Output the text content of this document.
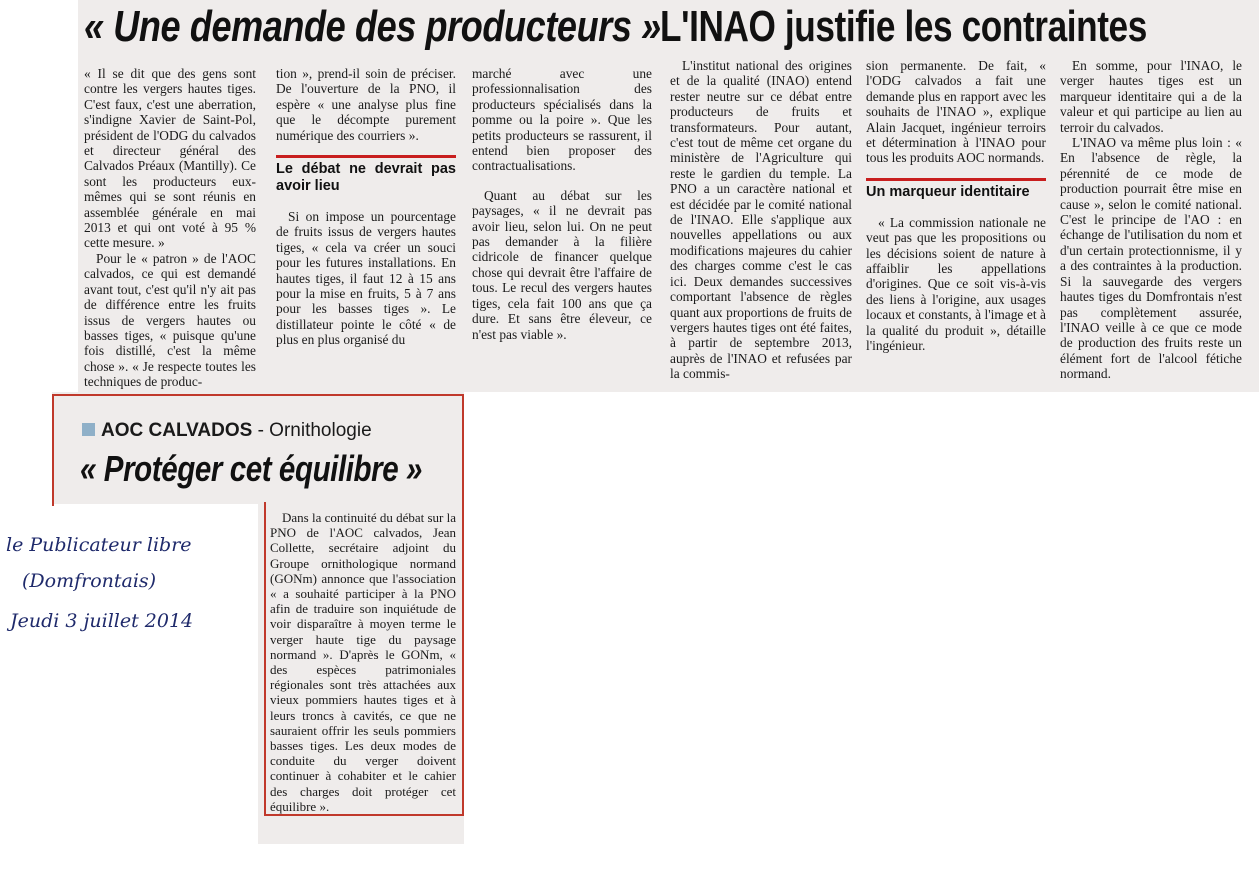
« Une demande des producteurs » L'INAO justifie les contraintes

« Il se dit que des gens sont contre les vergers hautes tiges. C'est faux, c'est une aberration, s'indigne Xavier de Saint-Pol, président de l'ODG du calvados et directeur général des Calvados Préaux (Mantilly). Ce sont les producteurs eux-mêmes qui se sont réunis en assemblée générale en mai 2013 et qui ont voté à 95 % cette mesure. »

Pour le « patron » de l'AOC calvados, ce qui est demandé avant tout, c'est qu'il n'y ait pas de différence entre les fruits issus de vergers hautes ou basses tiges, « puisque qu'une fois distillé, c'est la même chose ». « Je respecte toutes les techniques de produc-

tion », prend-il soin de préciser. De l'ouverture de la PNO, il espère « une analyse plus fine que le décompte purement numérique des courriers ».

Le débat ne devrait pas avoir lieu

Si on impose un pourcentage de fruits issus de vergers hautes tiges, « cela va créer un souci pour les futures installations. En hautes tiges, il faut 12 à 15 ans pour la mise en fruits, 5 à 7 ans pour les basses tiges ». Le distillateur pointe le côté « de plus en plus organisé du

marché avec une professionnalisation des producteurs spécialisés dans la pomme ou la poire ». Que les petits producteurs se rassurent, il entend bien proposer des contractualisations.

Quant au débat sur les paysages, « il ne devrait pas avoir lieu, selon lui. On ne peut pas demander à la filière cidricole de financer quelque chose qui devrait être l'affaire de tous. Le recul des vergers hautes tiges, cela fait 100 ans que ça dure. Et sans être éleveur, ce n'est pas viable ».

L'institut national des origines et de la qualité (INAO) entend rester neutre sur ce débat entre producteurs de fruits et transformateurs. Pour autant, c'est tout de même cet organe du ministère de l'Agriculture qui reste le gardien du temple. La PNO a un caractère national et est décidée par le comité national de l'INAO. Elle s'applique aux nouvelles appellations ou aux modifications majeures du cahier des charges comme c'est le cas ici. Deux demandes successives comportant l'absence de règles quant aux proportions de fruits de vergers hautes tiges ont été faites, à partir de septembre 2013, auprès de l'INAO et refusées par la commis-

sion permanente. De fait, « l'ODG calvados a fait une demande plus en rapport avec les souhaits de l'INAO », explique Alain Jacquet, ingénieur terroirs et détermination à l'INAO pour tous les produits AOC normands.

Un marqueur identitaire

« La commission nationale ne veut pas que les propositions ou les décisions soient de nature à affaiblir les appellations d'origines. Que ce soit vis-à-vis des liens à l'origine, aux usages locaux et constants, à l'image et à la qualité du produit », détaille l'ingénieur.

En somme, pour l'INAO, le verger hautes tiges est un marqueur identitaire qui a de la valeur et qui participe au lien au terroir du calvados.

L'INAO va même plus loin : « En l'absence de règle, la pérennité de ce mode de production pourrait être mise en cause », selon le comité national. C'est le principe de l'AO : en échange de l'utilisation du nom et d'un certain protectionnisme, il y a des contraintes à la production. Si la sauvegarde des vergers hautes tiges du Domfrontais n'est pas complètement assurée, l'INAO veille à ce que ce mode de production des fruits reste un élément fort de l'alcool fétiche normand.

AOC CALVADOS - Ornithologie
« Protéger cet équilibre »

Dans la continuité du débat sur la PNO de l'AOC calvados, Jean Collette, secrétaire adjoint du Groupe ornithologique normand (GONm) annonce que l'association « a souhaité participer à la PNO afin de traduire son inquiétude de voir disparaître à moyen terme le verger haute tige du paysage normand ». D'après le GONm, « des espèces patrimoniales régionales sont très attachées aux vieux pommiers hautes tiges et à leurs troncs à cavités, ce que ne sauraient offrir les seuls pommiers basses tiges. Les deux modes de conduite du verger doivent continuer à cohabiter et le cahier des charges doit protéger cet équilibre ».

le Publicateur libre
(Domfrontais)
Jeudi 3 juillet 2014
